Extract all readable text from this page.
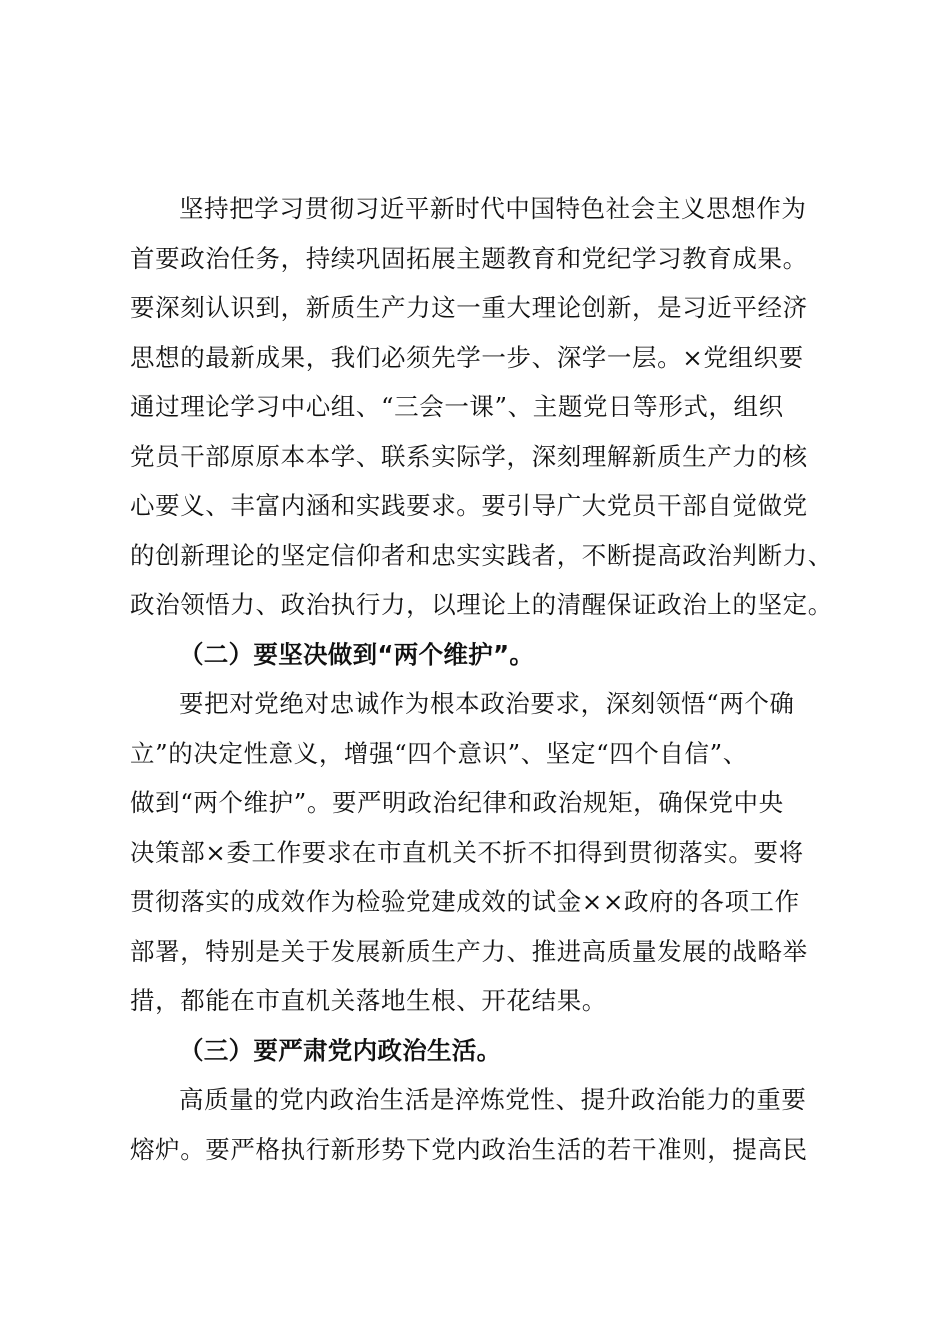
坚持把学习贯彻习近平新时代中国特色社会主义思想作为
首要政治任务，持续巩固拓展主题教育和党纪学习教育成果。
要深刻认识到，新质生产力这一重大理论创新，是习近平经济
思想的最新成果，我们必须先学一步、深学一层。×党组织要
通过理论学习中心组、“三会一课”、主题党日等形式，组织
党员干部原原本本学、联系实际学，深刻理解新质生产力的核
心要义、丰富内涵和实践要求。要引导广大党员干部自觉做党
的创新理论的坚定信仰者和忠实实践者，不断提高政治判断力、
政治领悟力、政治执行力，以理论上的清醒保证政治上的坚定。
（二）要坚决做到“两个维护”。
要把对党绝对忠诚作为根本政治要求，深刻领悟“两个确
立”的决定性意义，增强“四个意识”、坚定“四个自信”、
做到“两个维护”。要严明政治纪律和政治规矩，确保党中央
决策部×委工作要求在市直机关不折不扣得到贯彻落实。要将
贯彻落实的成效作为检验党建成效的试金××政府的各项工作
部署，特别是关于发展新质生产力、推进高质量发展的战略举
措，都能在市直机关落地生根、开花结果。
（三）要严肃党内政治生活。
高质量的党内政治生活是淬炼党性、提升政治能力的重要
熔炉。要严格执行新形势下党内政治生活的若干准则，提高民
